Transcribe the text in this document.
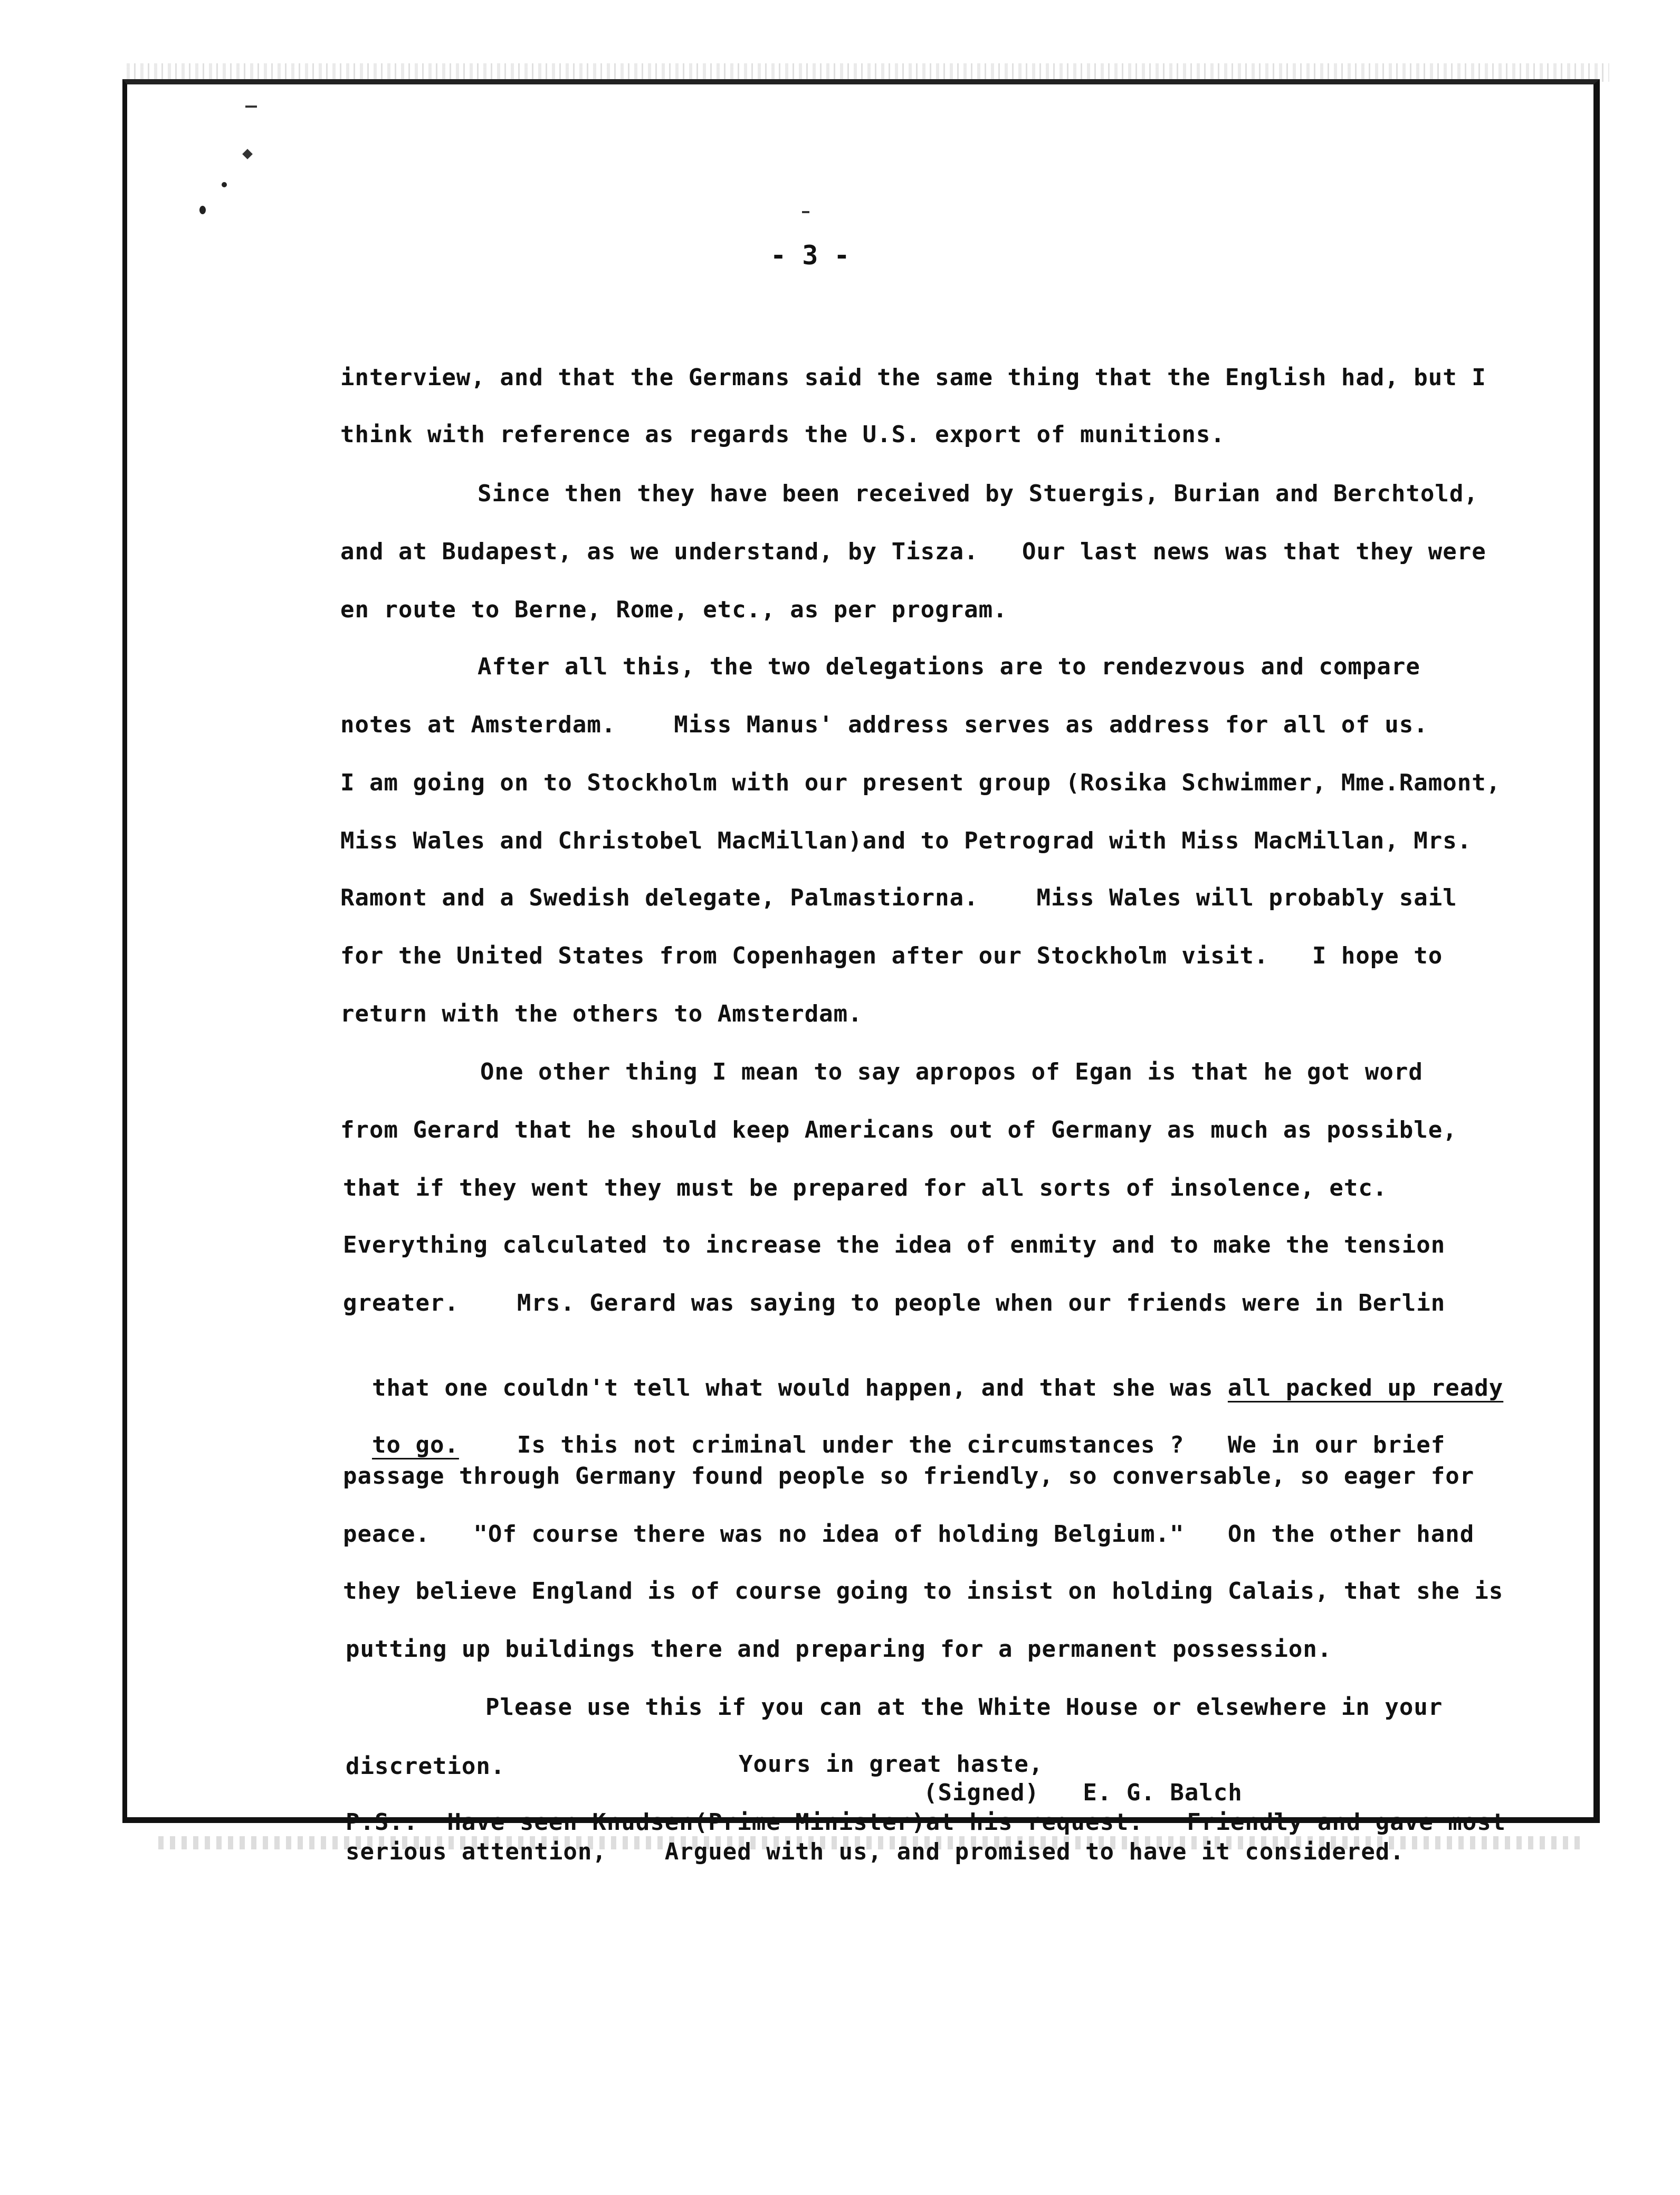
- 3 -
interview, and that the Germans said the same thing that the English had, but I
think with reference as regards the U.S. export of munitions.
Since then they have been received by Stuergis, Burian and Berchtold,
and at Budapest, as we understand, by Tisza.   Our last news was that they were
en route to Berne, Rome, etc., as per program.
After all this, the two delegations are to rendezvous and compare
notes at Amsterdam.    Miss Manus' address serves as address for all of us.
I am going on to Stockholm with our present group (Rosika Schwimmer, Mme.Ramont,
Miss Wales and Christobel MacMillan)and to Petrograd with Miss MacMillan, Mrs.
Ramont and a Swedish delegate, Palmastiorna.    Miss Wales will probably sail
for the United States from Copenhagen after our Stockholm visit.   I hope to
return with the others to Amsterdam.
One other thing I mean to say apropos of Egan is that he got word
from Gerard that he should keep Americans out of Germany as much as possible,
that if they went they must be prepared for all sorts of insolence, etc.
Everything calculated to increase the idea of enmity and to make the tension
greater.    Mrs. Gerard was saying to people when our friends were in Berlin

that one couldn't tell what would happen, and that she was all packed up ready

to go.    Is this not criminal under the circumstances ?   We in our brief

passage through Germany found people so friendly, so conversable, so eager for
peace.   "Of course there was no idea of holding Belgium."   On the other hand
they believe England is of course going to insist on holding Calais, that she is
putting up buildings there and preparing for a permanent possession.
Please use this if you can at the White House or elsewhere in your
discretion.	Yours in great haste,
(Signed)   E. G. Balch
P.S.:  Have seen Knudsen(Prime Minister)at his request.   Friendly and gave most
serious attention,    Argued with us, and promised to have it considered.
